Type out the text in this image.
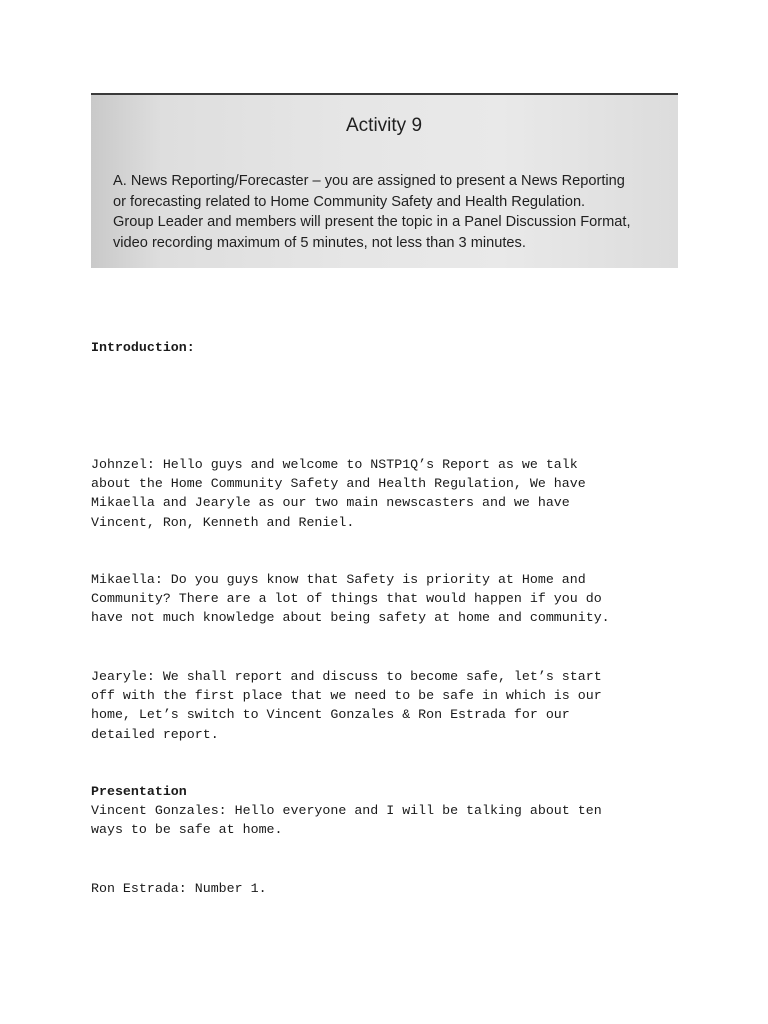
Activity 9
A. News Reporting/Forecaster – you are assigned to present a News Reporting
or forecasting related to Home Community Safety and Health Regulation.
Group Leader and members will present the topic in a Panel Discussion Format,
video recording maximum of 5 minutes, not less than 3 minutes.
Introduction:
Johnzel: Hello guys and welcome to NSTP1Q’s Report as we talk
about the Home Community Safety and Health Regulation, We have
Mikaella and Jearyle as our two main newscasters and we have
Vincent, Ron, Kenneth and Reniel.
Mikaella: Do you guys know that Safety is priority at Home and
Community? There are a lot of things that would happen if you do
have not much knowledge about being safety at home and community.
Jearyle: We shall report and discuss to become safe, let’s start
off with the first place that we need to be safe in which is our
home, Let’s switch to Vincent Gonzales & Ron Estrada for our
detailed report.
Presentation
Vincent Gonzales: Hello everyone and I will be talking about ten
ways to be safe at home.
Ron Estrada: Number 1.
